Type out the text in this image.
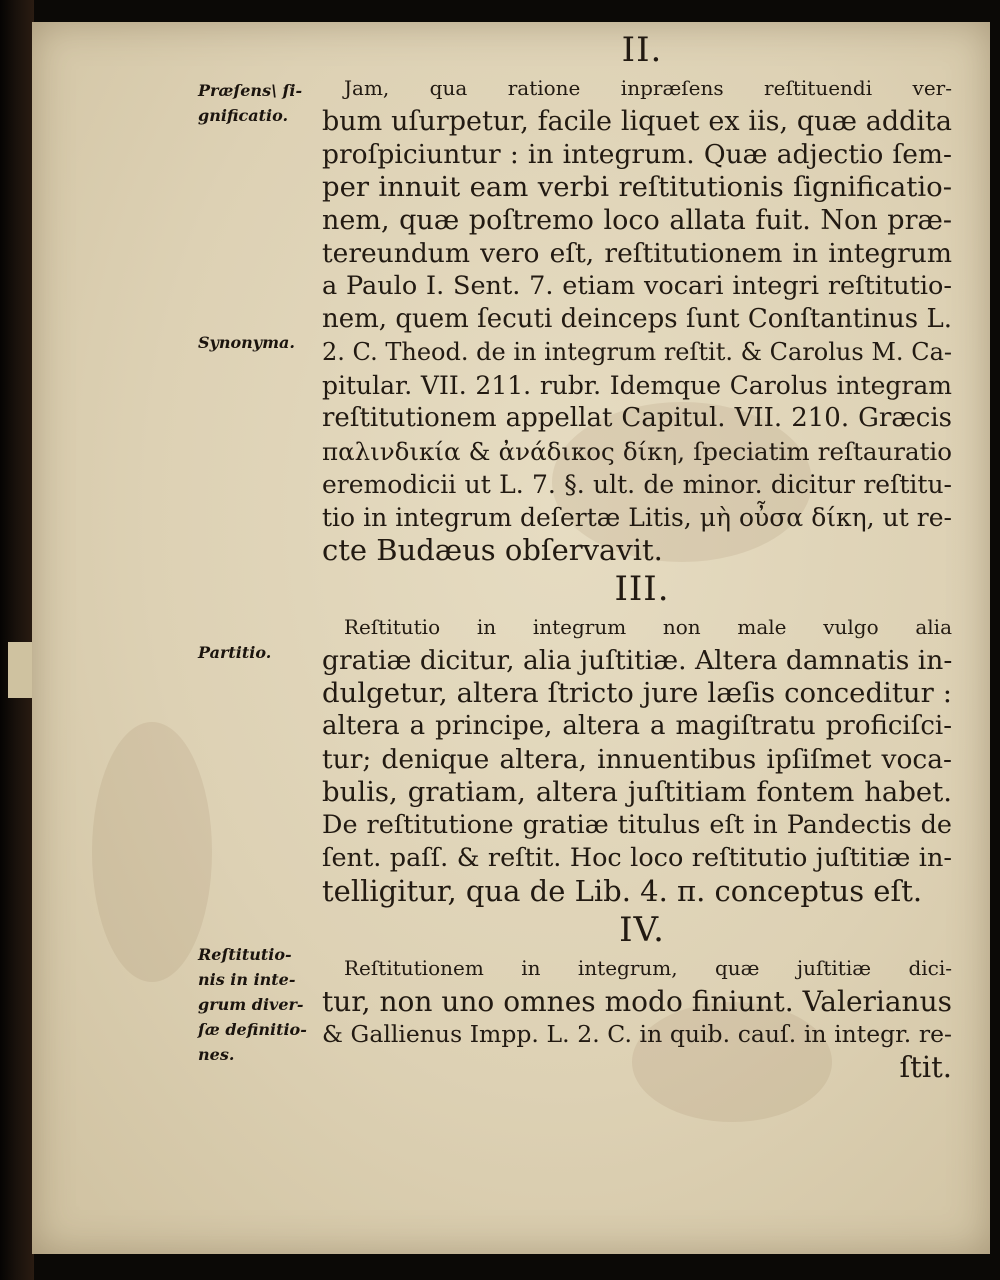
Præſens\ ſi-
gnificatio.
Synonyma.
Partitio.
Reſtitutio-
nis in inte-
grum diver-
ſæ definitio-
nes.
II.
Jam, qua ratione inpræſens reſtituendi ver-
bum uſurpetur, facile liquet ex iis, quæ addita
proſpiciuntur : in integrum. Quæ adjectio ſem-
per innuit eam verbi reſtitutionis ſignificatio-
nem, quæ poſtremo loco allata fuit. Non præ-
tereundum vero eſt, reſtitutionem in integrum
a Paulo I. Sent. 7. etiam vocari integri reſtitutio-
nem, quem ſecuti deinceps ſunt Conſtantinus L.
2. C. Theod. de in integrum reſtit. & Carolus M. Ca-
pitular. VII. 211. rubr. Idemque Carolus integram
reſtitutionem appellat Capitul. VII. 210. Græcis
παλινδικία & ἀνάδικος δίκη, ſpeciatim reſtauratio
eremodicii ut L. 7. §. ult. de minor. dicitur reſtitu-
tio in integrum deſertæ Litis, μὴ οὖσα δίκη, ut re-
cte Budæus obſervavit.
III.
Reſtitutio in integrum non male vulgo alia
gratiæ dicitur, alia juſtitiæ. Altera damnatis in-
dulgetur, altera ſtricto jure læſis conceditur :
altera a principe, altera a magiſtratu proficiſci-
tur; denique altera, innuentibus ipſiſmet voca-
bulis, gratiam, altera juſtitiam fontem habet.
De reſtitutione gratiæ titulus eſt in Pandectis de
ſent. paſſ. & reſtit. Hoc loco reſtitutio juſtitiæ in-
telligitur, qua de Lib. 4. π. conceptus eſt.
IV.
Reſtitutionem in integrum, quæ juſtitiæ dici-
tur, non uno omnes modo finiunt. Valerianus
& Gallienus Impp. L. 2. C. in quib. cauſ. in integr. re-
ſtit.
